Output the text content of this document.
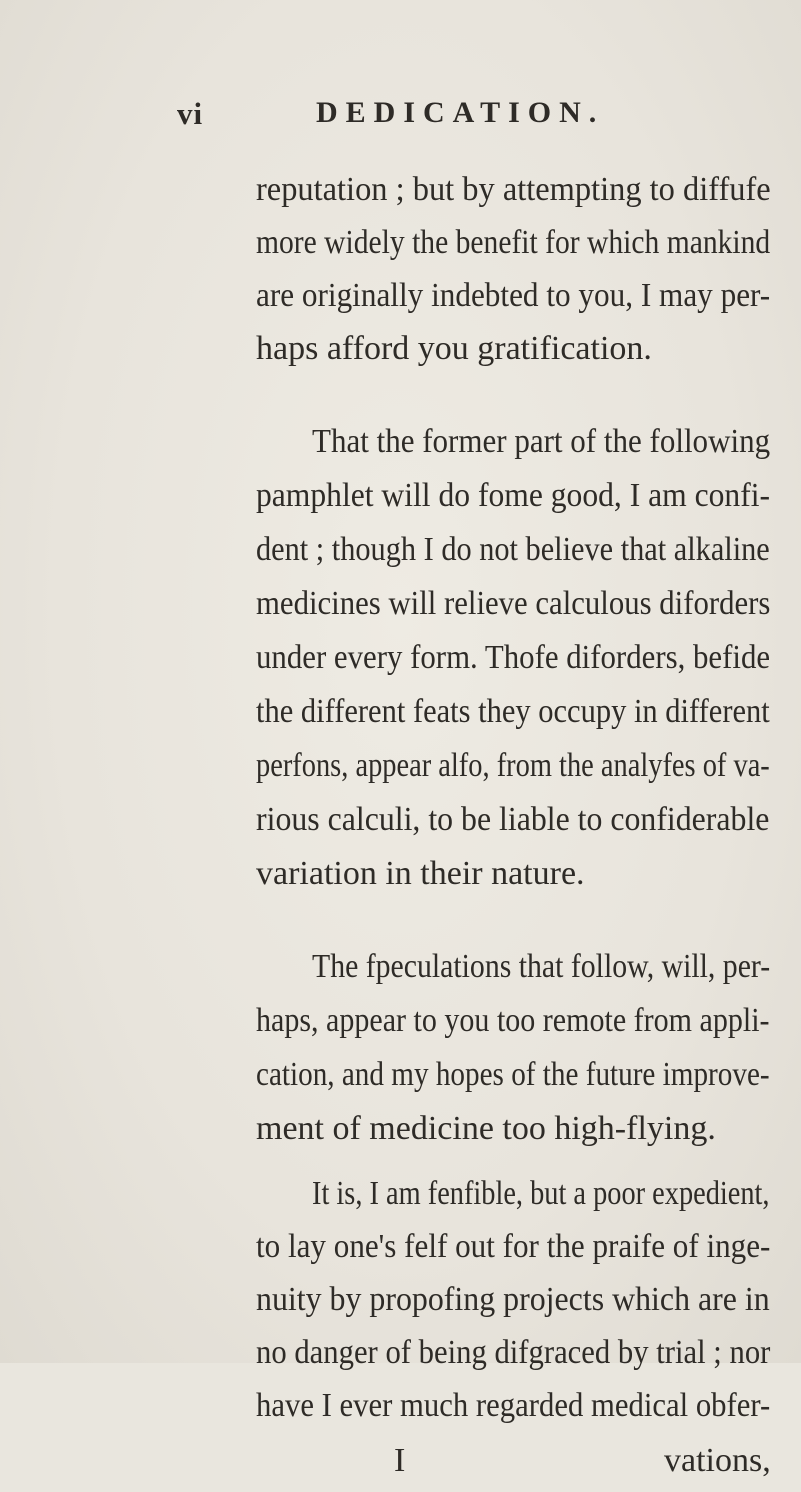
vi	DEDICATION.
reputation ; but by attempting to diffufe
more widely the benefit for which mankind
are originally indebted to you, I may per-
haps afford you gratification.
That the former part of the following
pamphlet will do fome good, I am confi-
dent ; though I do not believe that alkaline
medicines will relieve calculous diforders
under every form. Thofe diforders, befide
the different feats they occupy in different
perfons, appear alfo, from the analyfes of va-
rious calculi, to be liable to confiderable
variation in their nature.
The fpeculations that follow, will, per-
haps, appear to you too remote from appli-
cation, and my hopes of the future improve-
ment of medicine too high-flying.
It is, I am fenfible, but a poor expedient,
to lay one's felf out for the praife of inge-
nuity by propofing projects which are in
no danger of being difgraced by trial ; nor
have I ever much regarded medical obfer-
I	vations,
